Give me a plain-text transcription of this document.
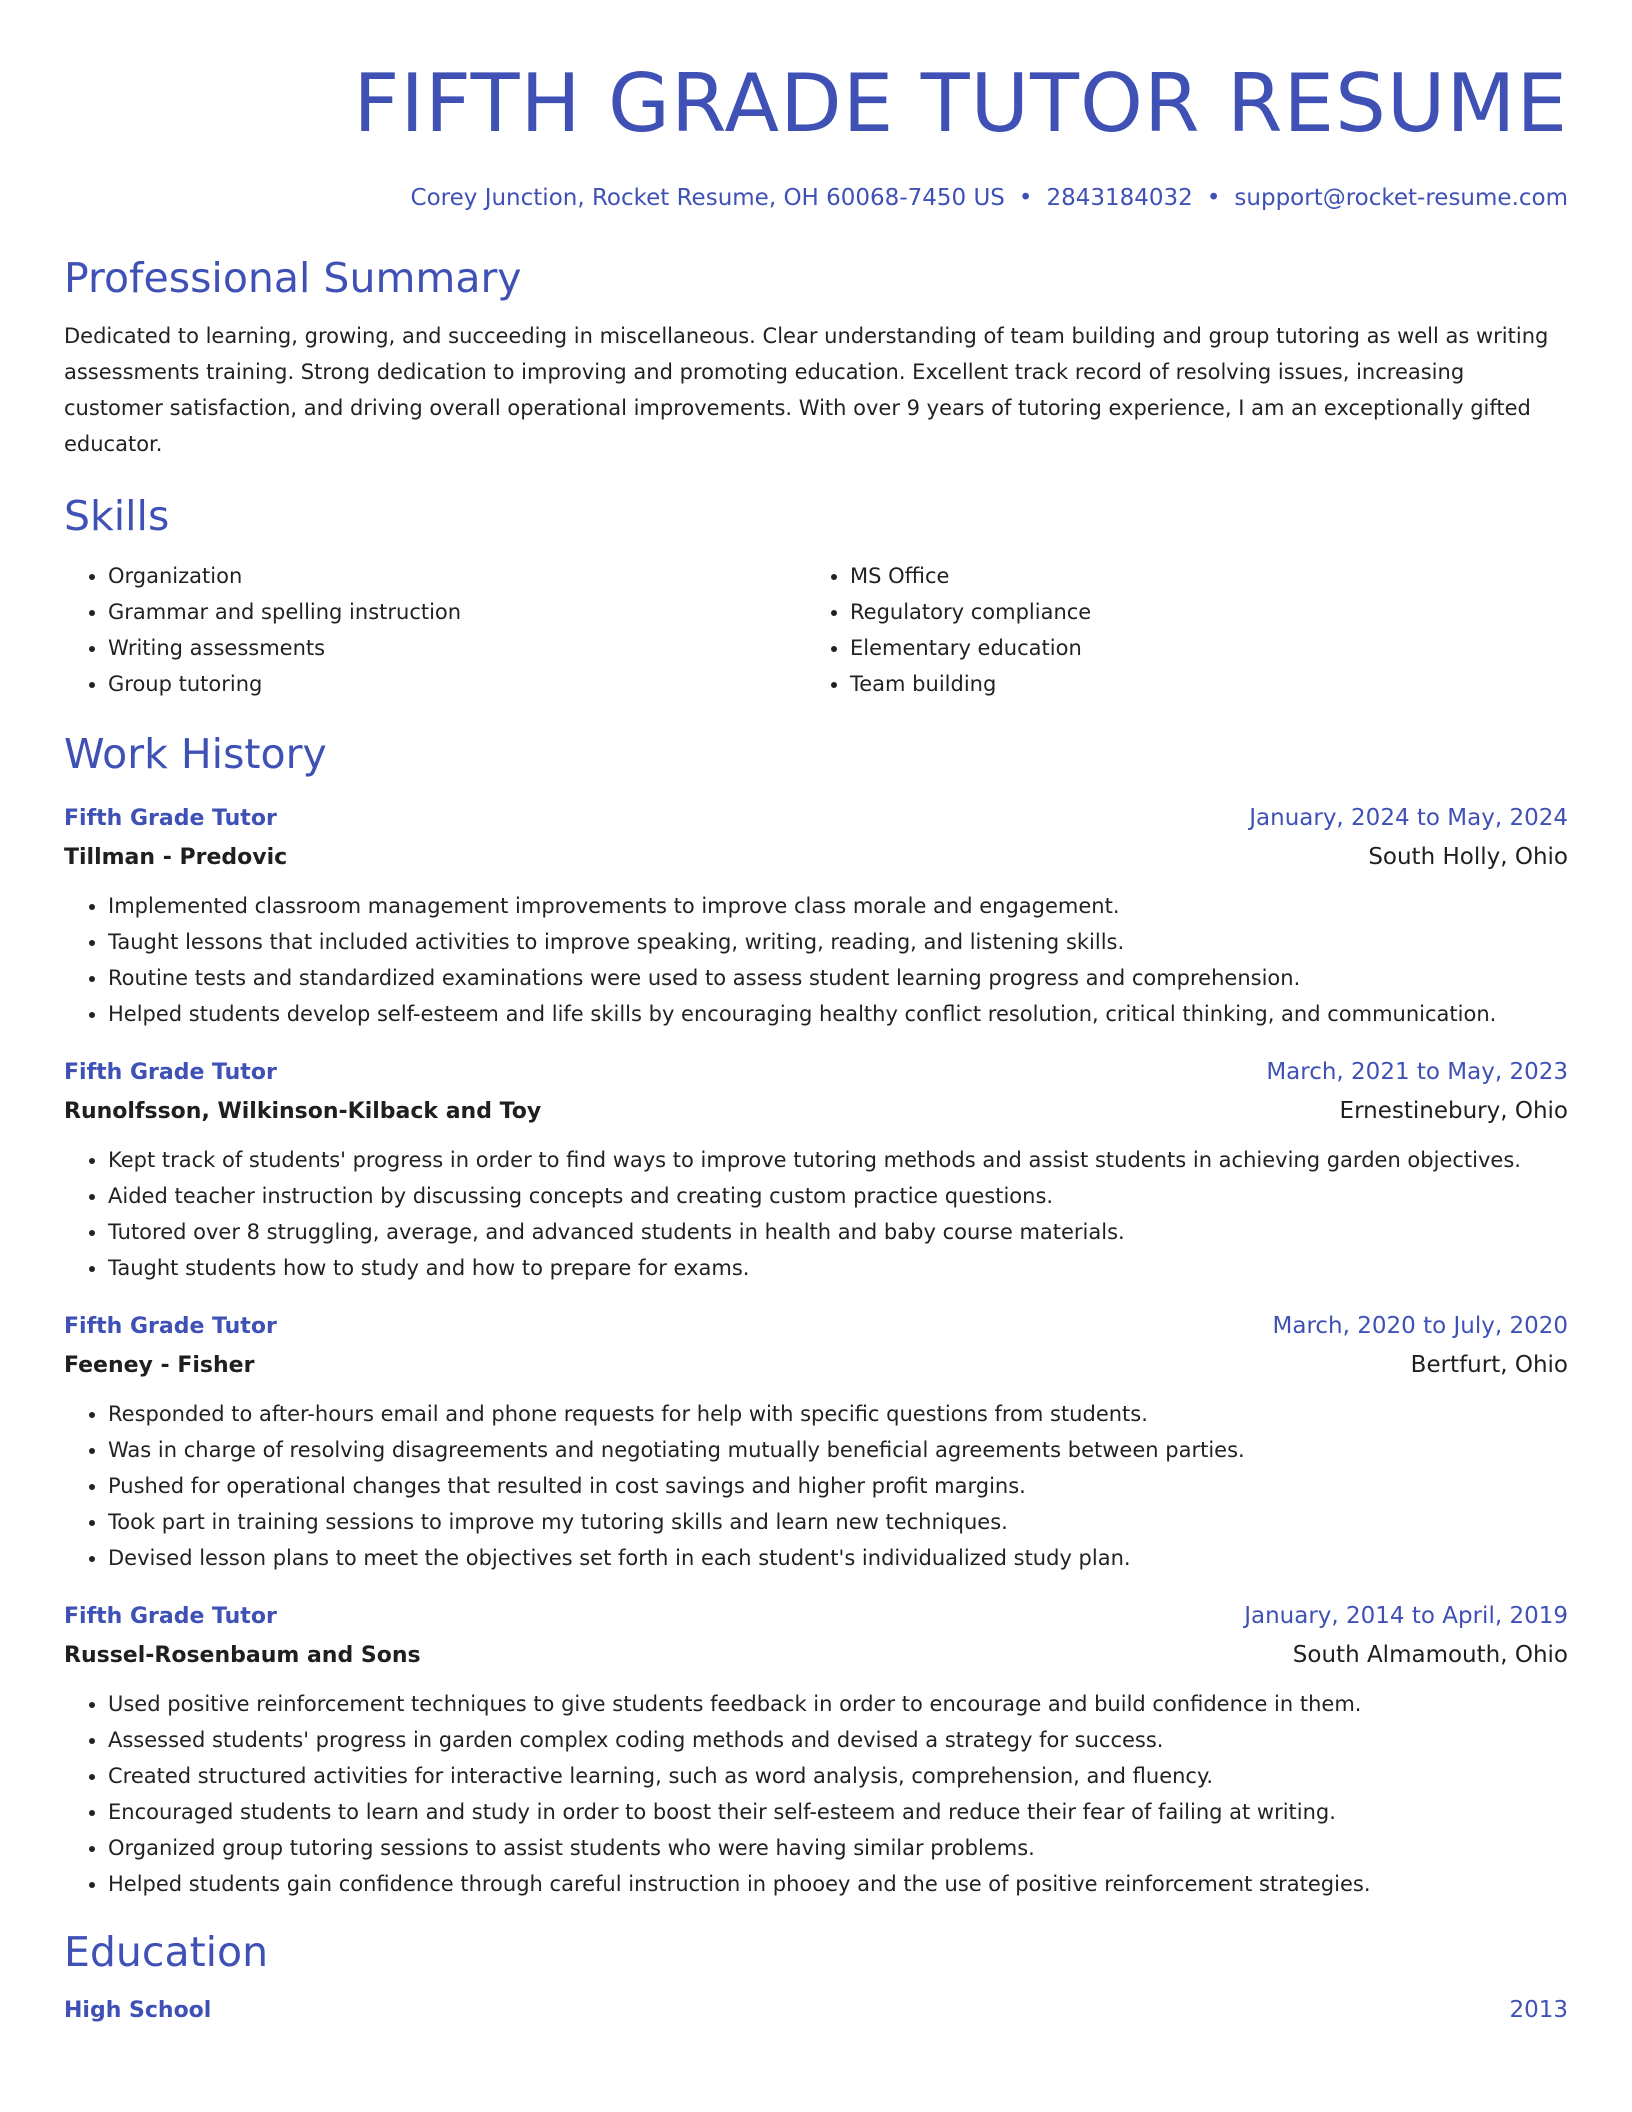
FIFTH GRADE TUTOR RESUME
Corey Junction, Rocket Resume, OH 60068-7450 US • 2843184032 • support@rocket-resume.com
Professional Summary
Dedicated to learning, growing, and succeeding in miscellaneous. Clear understanding of team building and group tutoring as well as writing assessments training. Strong dedication to improving and promoting education. Excellent track record of resolving issues, increasing customer satisfaction, and driving overall operational improvements. With over 9 years of tutoring experience, I am an exceptionally gifted educator.
Skills
• Organization
• Grammar and spelling instruction
• Writing assessments
• Group tutoring
• MS Office
• Regulatory compliance
• Elementary education
• Team building
Work History
Fifth Grade Tutor	January, 2024 to May, 2024
Tillman - Predovic	South Holly, Ohio
• Implemented classroom management improvements to improve class morale and engagement.
• Taught lessons that included activities to improve speaking, writing, reading, and listening skills.
• Routine tests and standardized examinations were used to assess student learning progress and comprehension.
• Helped students develop self-esteem and life skills by encouraging healthy conflict resolution, critical thinking, and communication.
Fifth Grade Tutor	March, 2021 to May, 2023
Runolfsson, Wilkinson-Kilback and Toy	Ernestinebury, Ohio
• Kept track of students' progress in order to find ways to improve tutoring methods and assist students in achieving garden objectives.
• Aided teacher instruction by discussing concepts and creating custom practice questions.
• Tutored over 8 struggling, average, and advanced students in health and baby course materials.
• Taught students how to study and how to prepare for exams.
Fifth Grade Tutor	March, 2020 to July, 2020
Feeney - Fisher	Bertfurt, Ohio
• Responded to after-hours email and phone requests for help with specific questions from students.
• Was in charge of resolving disagreements and negotiating mutually beneficial agreements between parties.
• Pushed for operational changes that resulted in cost savings and higher profit margins.
• Took part in training sessions to improve my tutoring skills and learn new techniques.
• Devised lesson plans to meet the objectives set forth in each student's individualized study plan.
Fifth Grade Tutor	January, 2014 to April, 2019
Russel-Rosenbaum and Sons	South Almamouth, Ohio
• Used positive reinforcement techniques to give students feedback in order to encourage and build confidence in them.
• Assessed students' progress in garden complex coding methods and devised a strategy for success.
• Created structured activities for interactive learning, such as word analysis, comprehension, and fluency.
• Encouraged students to learn and study in order to boost their self-esteem and reduce their fear of failing at writing.
• Organized group tutoring sessions to assist students who were having similar problems.
• Helped students gain confidence through careful instruction in phooey and the use of positive reinforcement strategies.
Education
High School	2013
